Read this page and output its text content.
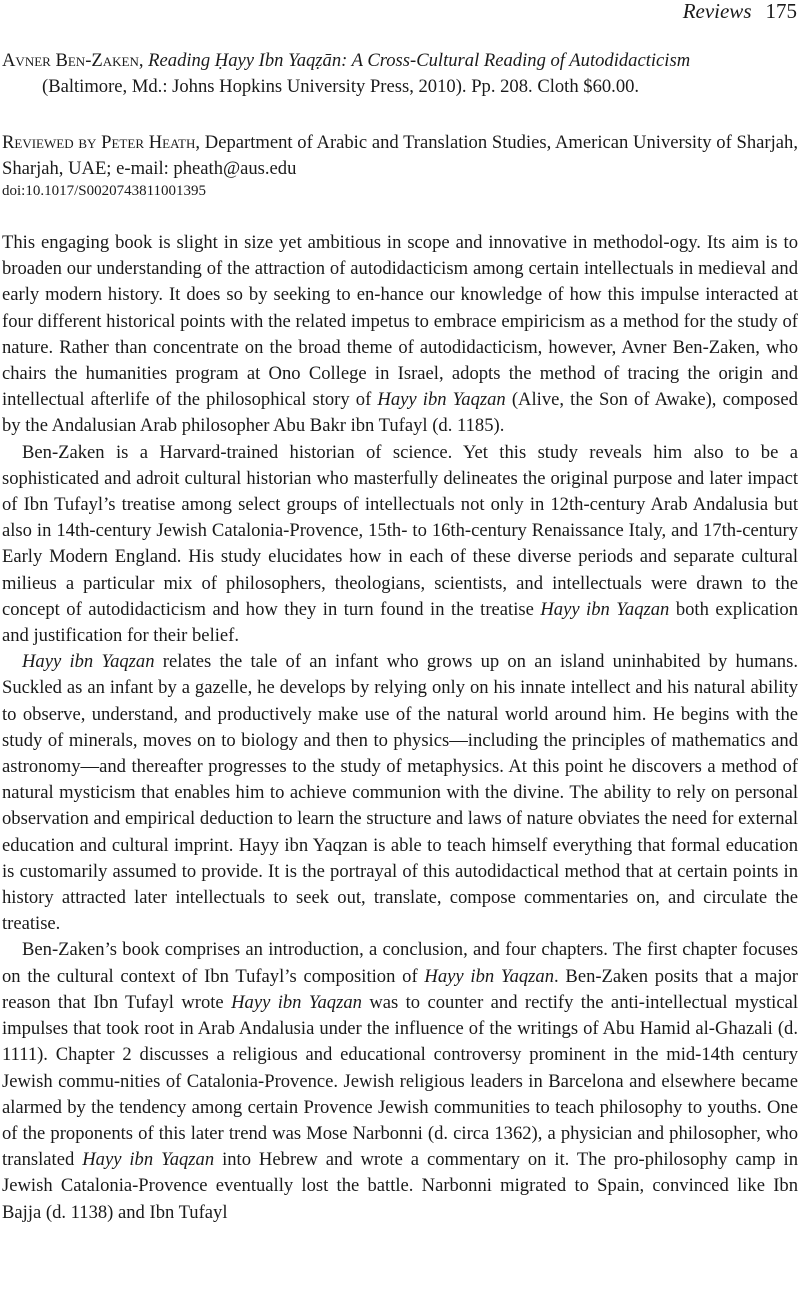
Reviews 175
Avner Ben-Zaken, Reading Ḥayy Ibn Yaqẓān: A Cross-Cultural Reading of Autodidacticism
(Baltimore, Md.: Johns Hopkins University Press, 2010). Pp. 208. Cloth $60.00.
Reviewed by Peter Heath, Department of Arabic and Translation Studies, American University of Sharjah, Sharjah, UAE; e-mail: pheath@aus.edu
doi:10.1017/S0020743811001395

This engaging book is slight in size yet ambitious in scope and innovative in methodol-ogy. Its aim is to broaden our understanding of the attraction of autodidacticism among certain intellectuals in medieval and early modern history. It does so by seeking to en-hance our knowledge of how this impulse interacted at four different historical points with the related impetus to embrace empiricism as a method for the study of nature. Rather than concentrate on the broad theme of autodidacticism, however, Avner Ben-Zaken, who chairs the humanities program at Ono College in Israel, adopts the method of tracing the origin and intellectual afterlife of the philosophical story of Hayy ibn Yaqzan (Alive, the Son of Awake), composed by the Andalusian Arab philosopher Abu Bakr ibn Tufayl (d. 1185).

Ben-Zaken is a Harvard-trained historian of science. Yet this study reveals him also to be a sophisticated and adroit cultural historian who masterfully delineates the original purpose and later impact of Ibn Tufayl’s treatise among select groups of intellectuals not only in 12th-century Arab Andalusia but also in 14th-century Jewish Catalonia-Provence, 15th- to 16th-century Renaissance Italy, and 17th-century Early Modern England. His study elucidates how in each of these diverse periods and separate cultural milieus a particular mix of philosophers, theologians, scientists, and intellectuals were drawn to the concept of autodidacticism and how they in turn found in the treatise Hayy ibn Yaqzan both explication and justification for their belief.

Hayy ibn Yaqzan relates the tale of an infant who grows up on an island uninhabited by humans. Suckled as an infant by a gazelle, he develops by relying only on his innate intellect and his natural ability to observe, understand, and productively make use of the natural world around him. He begins with the study of minerals, moves on to biology and then to physics—including the principles of mathematics and astronomy—and thereafter progresses to the study of metaphysics. At this point he discovers a method of natural mysticism that enables him to achieve communion with the divine. The ability to rely on personal observation and empirical deduction to learn the structure and laws of nature obviates the need for external education and cultural imprint. Hayy ibn Yaqzan is able to teach himself everything that formal education is customarily assumed to provide. It is the portrayal of this autodidactical method that at certain points in history attracted later intellectuals to seek out, translate, compose commentaries on, and circulate the treatise.

Ben-Zaken’s book comprises an introduction, a conclusion, and four chapters. The first chapter focuses on the cultural context of Ibn Tufayl’s composition of Hayy ibn Yaqzan. Ben-Zaken posits that a major reason that Ibn Tufayl wrote Hayy ibn Yaqzan was to counter and rectify the anti-intellectual mystical impulses that took root in Arab Andalusia under the influence of the writings of Abu Hamid al-Ghazali (d. 1111). Chapter 2 discusses a religious and educational controversy prominent in the mid-14th century Jewish commu-nities of Catalonia-Provence. Jewish religious leaders in Barcelona and elsewhere became alarmed by the tendency among certain Provence Jewish communities to teach philosophy to youths. One of the proponents of this later trend was Mose Narbonni (d. circa 1362), a physician and philosopher, who translated Hayy ibn Yaqzan into Hebrew and wrote a commentary on it. The pro-philosophy camp in Jewish Catalonia-Provence eventually lost the battle. Narbonni migrated to Spain, convinced like Ibn Bajja (d. 1138) and Ibn Tufayl
